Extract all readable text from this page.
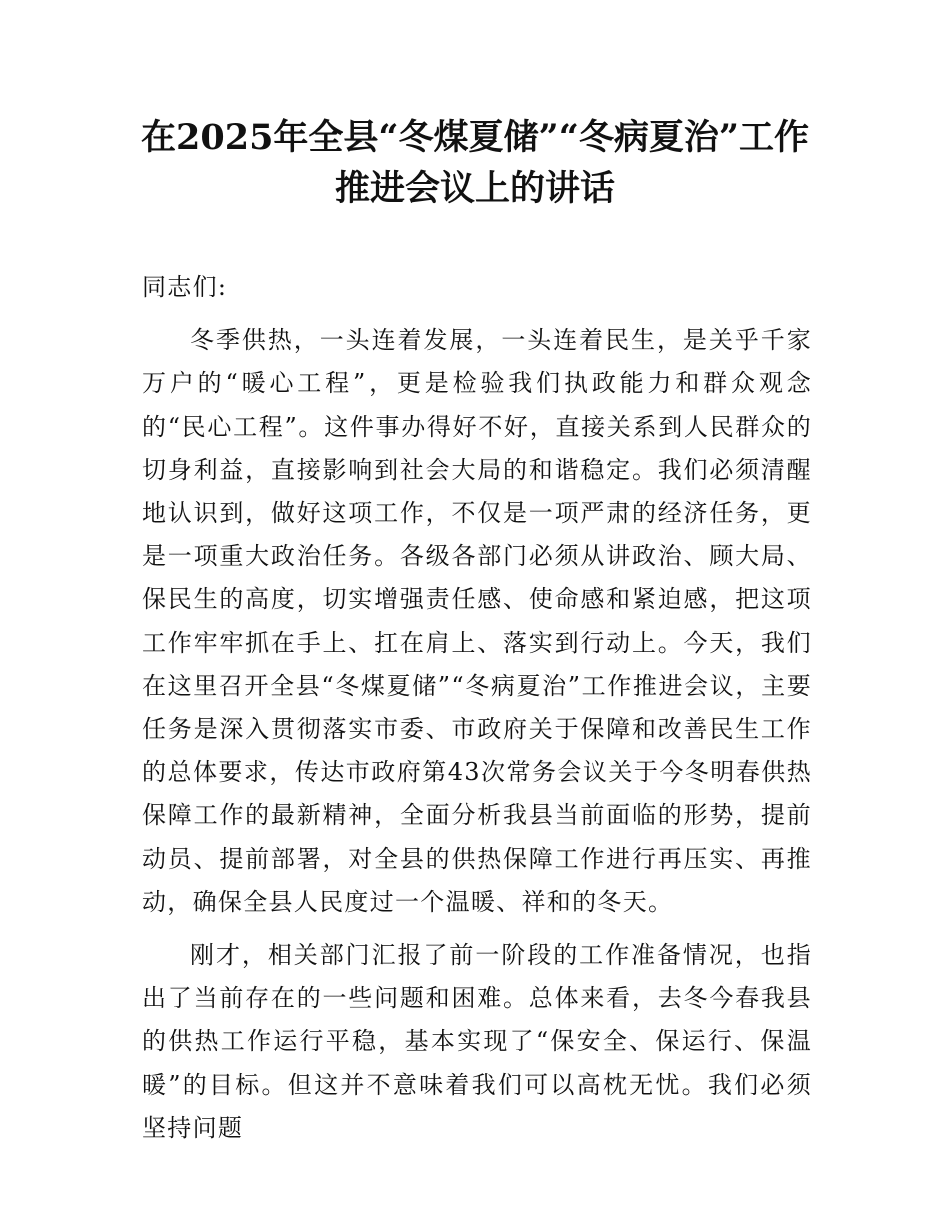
在2025年全县“冬煤夏储”“冬病夏治”工作推进会议上的讲话

同志们:

冬季供热，一头连着发展，一头连着民生，是关乎千家万户的“暖心工程”，更是检验我们执政能力和群众观念的“民心工程”。这件事办得好不好，直接关系到人民群众的切身利益，直接影响到社会大局的和谐稳定。我们必须清醒地认识到，做好这项工作，不仅是一项严肃的经济任务，更是一项重大政治任务。各级各部门必须从讲政治、顾大局、保民生的高度，切实增强责任感、使命感和紧迫感，把这项工作牢牢抓在手上、扛在肩上、落实到行动上。今天，我们在这里召开全县“冬煤夏储”“冬病夏治”工作推进会议，主要任务是深入贯彻落实市委、市政府关于保障和改善民生工作的总体要求，传达市政府第43次常务会议关于今冬明春供热保障工作的最新精神，全面分析我县当前面临的形势，提前动员、提前部署，对全县的供热保障工作进行再压实、再推动，确保全县人民度过一个温暖、祥和的冬天。

刚才，相关部门汇报了前一阶段的工作准备情况，也指出了当前存在的一些问题和困难。总体来看，去冬今春我县的供热工作运行平稳，基本实现了“保安全、保运行、保温暖”的目标。但这并不意味着我们可以高枕无忧。我们必须坚持问题
